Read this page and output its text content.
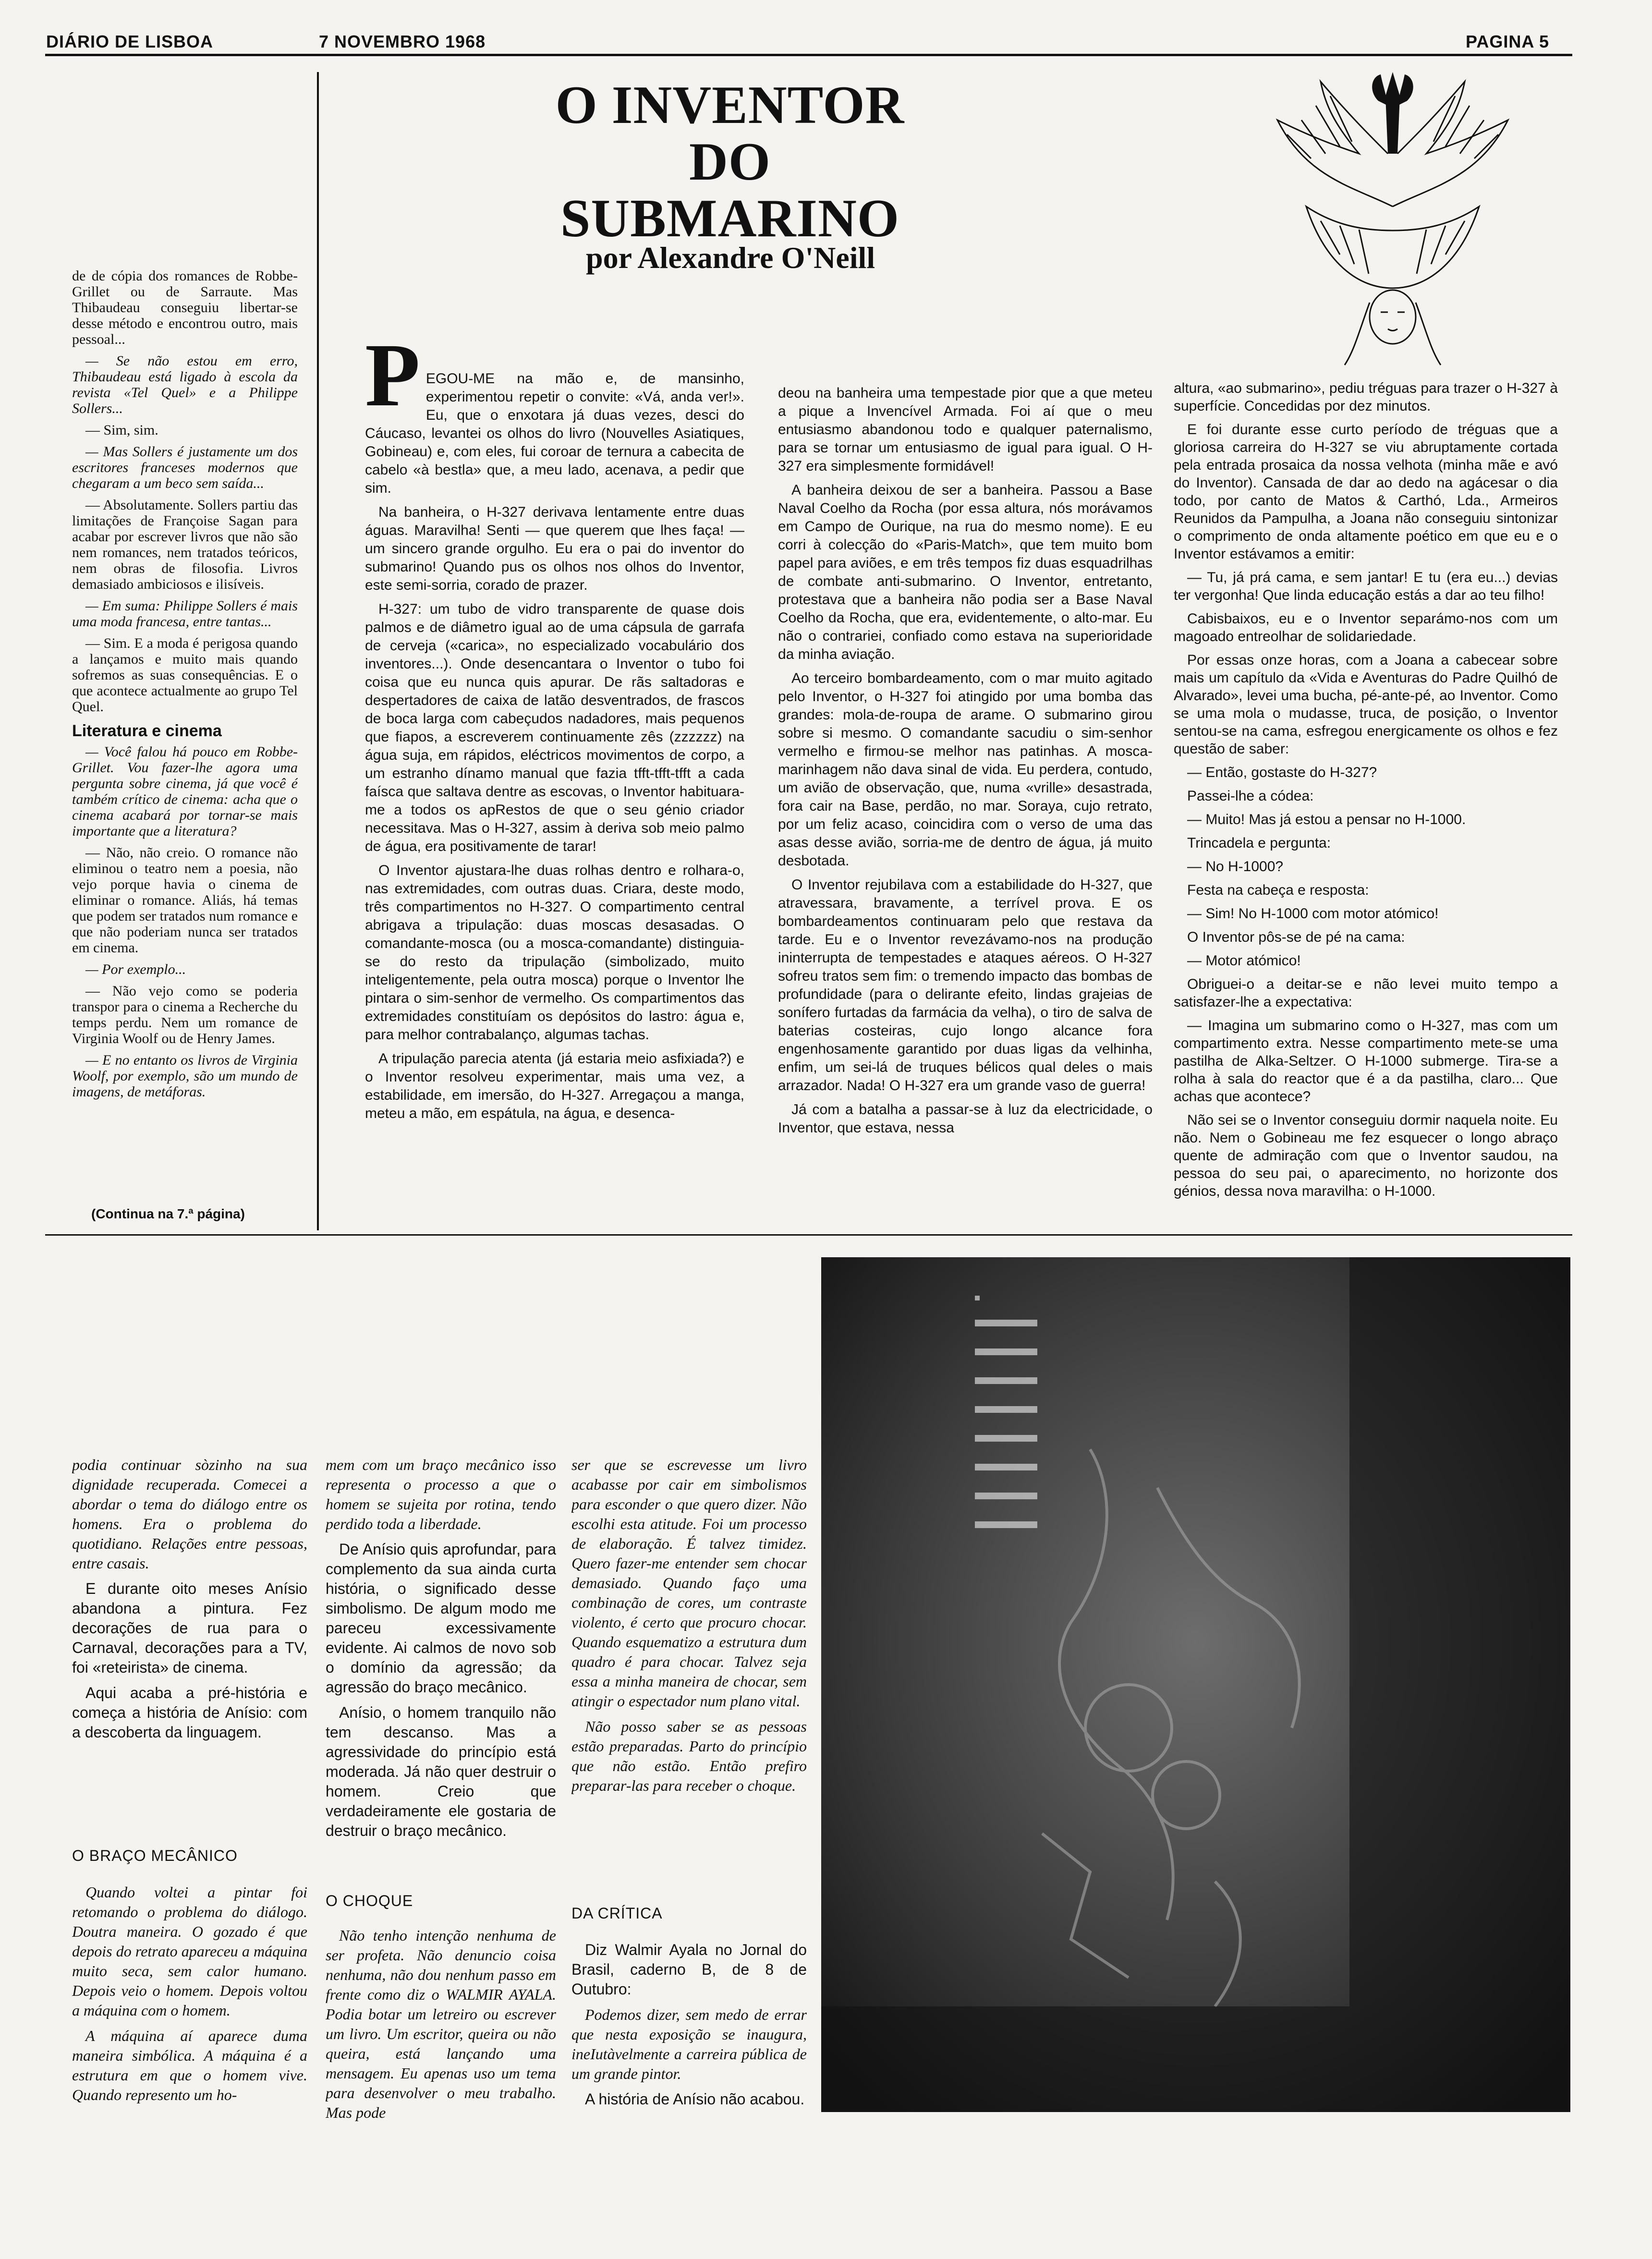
DIÁRIO DE LISBOA	7 NOVEMBRO 1968	PAGINA 5

de de cópia dos romances de Robbe-Grillet ou de Sarraute. Mas Thibaudeau conseguiu libertar-se desse método e encontrou outro, mais pessoal...

— Se não estou em erro, Thibaudeau está ligado à escola da revista «Tel Quel» e a Philippe Sollers...

— Sim, sim.

— Mas Sollers é justamente um dos escritores franceses modernos que chegaram a um beco sem saída...

— Absolutamente. Sollers partiu das limitações de Françoise Sagan para acabar por escrever livros que não são nem romances, nem tratados teóricos, nem obras de filosofia. Livros demasiado ambiciosos e ilisíveis.

— Em suma: Philippe Sollers é mais uma moda francesa, entre tantas...

— Sim. E a moda é perigosa quando a lançamos e muito mais quando sofremos as suas consequências. E o que acontece actualmente ao grupo Tel Quel.

Literatura e cinema

— Você falou há pouco em Robbe-Grillet. Vou fazer-lhe agora uma pergunta sobre cinema, já que você é também crítico de cinema: acha que o cinema acabará por tornar-se mais importante que a literatura?

— Não, não creio. O romance não eliminou o teatro nem a poesia, não vejo porque havia o cinema de eliminar o romance. Aliás, há temas que podem ser tratados num romance e que não poderiam nunca ser tratados em cinema.

— Por exemplo...

— Não vejo como se poderia transpor para o cinema a Recherche du temps perdu. Nem um romance de Virginia Woolf ou de Henry James.

— E no entanto os livros de Virginia Woolf, por exemplo, são um mundo de imagens, de metáforas.

(Continua na 7.ª página)
O INVENTOR
DO SUBMARINO
por Alexandre O'Neill
P EGOU-ME na mão e, de mansinho, experimentou repetir o convite: «Vá, anda ver!». Eu, que o enxotara já duas vezes, desci do Cáucaso, levantei os olhos do livro (Nouvelles Asiatiques, Gobineau) e, com eles, fui coroar de ternura a cabecita de cabelo «à bestla» que, a meu lado, acenava, a pedir que sim.

Na banheira, o H-327 derivava lentamente entre duas águas. Maravilha! Senti — que querem que lhes faça! — um sincero grande orgulho. Eu era o pai do inventor do submarino! Quando pus os olhos nos olhos do Inventor, este semi-sorria, corado de prazer.

H-327: um tubo de vidro transparente de quase dois palmos e de diâmetro igual ao de uma cápsula de garrafa de cerveja («carica», no especializado vocabulário dos inventores...). Onde desencantara o Inventor o tubo foi coisa que eu nunca quis apurar. De rãs saltadoras e despertadores de caixa de latão desventrados, de frascos de boca larga com cabeçudos nadadores, mais pequenos que fiapos, a escreverem continuamente zês (zzzzzz) na água suja, em rápidos, eléctricos movimentos de corpo, a um estranho dínamo manual que fazia tfft-tfft-tfft a cada faísca que saltava dentre as escovas, o Inventor habituara-me a todos os apRestos de que o seu génio criador necessitava. Mas o H-327, assim à deriva sob meio palmo de água, era positivamente de tarar!

O Inventor ajustara-lhe duas rolhas dentro e rolhara-o, nas extremidades, com outras duas. Criara, deste modo, três compartimentos no H-327. O compartimento central abrigava a tripulação: duas moscas desasadas. O comandante-mosca (ou a mosca-comandante) distinguia-se do resto da tripulação (simbolizado, muito inteligentemente, pela outra mosca) porque o Inventor lhe pintara o sim-senhor de vermelho. Os compartimentos das extremidades constituíam os depósitos do lastro: água e, para melhor contrabalanço, algumas tachas.

A tripulação parecia atenta (já estaria meio asfixiada?) e o Inventor resolveu experimentar, mais uma vez, a estabilidade, em imersão, do H-327. Arregaçou a manga, meteu a mão, em espátula, na água, e desenca-

deou na banheira uma tempestade pior que a que meteu a pique a Invencível Armada. Foi aí que o meu entusiasmo abandonou todo e qualquer paternalismo, para se tornar um entusiasmo de igual para igual. O H-327 era simplesmente formidável!

A banheira deixou de ser a banheira. Passou a Base Naval Coelho da Rocha (por essa altura, nós morávamos em Campo de Ourique, na rua do mesmo nome). E eu corri à colecção do «Paris-Match», que tem muito bom papel para aviões, e em três tempos fiz duas esquadrilhas de combate anti-submarino. O Inventor, entretanto, protestava que a banheira não podia ser a Base Naval Coelho da Rocha, que era, evidentemente, o alto-mar. Eu não o contrariei, confiado como estava na superioridade da minha aviação.

Ao terceiro bombardeamento, com o mar muito agitado pelo Inventor, o H-327 foi atingido por uma bomba das grandes: mola-de-roupa de arame. O submarino girou sobre si mesmo. O comandante sacudiu o sim-senhor vermelho e firmou-se melhor nas patinhas. A mosca-marinhagem não dava sinal de vida. Eu perdera, contudo, um avião de observação, que, numa «vrille» desastrada, fora cair na Base, perdão, no mar. Soraya, cujo retrato, por um feliz acaso, coincidira com o verso de uma das asas desse avião, sorria-me de dentro de água, já muito desbotada.

O Inventor rejubilava com a estabilidade do H-327, que atravessara, bravamente, a terrível prova. E os bombardeamentos continuaram pelo que restava da tarde. Eu e o Inventor revezávamo-nos na produção ininterrupta de tempestades e ataques aéreos. O H-327 sofreu tratos sem fim: o tremendo impacto das bombas de profundidade (para o delirante efeito, lindas grajeias de sonífero furtadas da farmácia da velha), o tiro de salva de baterias costeiras, cujo longo alcance fora engenhosamente garantido por duas ligas da velhinha, enfim, um sei-lá de truques bélicos qual deles o mais arrazador. Nada! O H-327 era um grande vaso de guerra!

Já com a batalha a passar-se à luz da electricidade, o Inventor, que estava, nessa

altura, «ao submarino», pediu tréguas para trazer o H-327 à superfície. Concedidas por dez minutos.

E foi durante esse curto período de tréguas que a gloriosa carreira do H-327 se viu abruptamente cortada pela entrada prosaica da nossa velhota (minha mãe e avó do Inventor). Cansada de dar ao dedo na agácesar o dia todo, por canto de Matos & Carthó, Lda., Armeiros Reunidos da Pampulha, a Joana não conseguiu sintonizar o comprimento de onda altamente poético em que eu e o Inventor estávamos a emitir:

— Tu, já prá cama, e sem jantar! E tu (era eu...) devias ter vergonha! Que linda educação estás a dar ao teu filho!

Cabisbaixos, eu e o Inventor separámo-nos com um magoado entreolhar de solidariedade.

Por essas onze horas, com a Joana a cabecear sobre mais um capítulo da «Vida e Aventuras do Padre Quilhó de Alvarado», levei uma bucha, pé-ante-pé, ao Inventor. Como se uma mola o mudasse, truca, de posição, o Inventor sentou-se na cama, esfregou energicamente os olhos e fez questão de saber:

— Então, gostaste do H-327?

Passei-lhe a códea:

— Muito! Mas já estou a pensar no H-1000.

Trincadela e pergunta:

— No H-1000?

Festa na cabeça e resposta:

— Sim! No H-1000 com motor atómico!

O Inventor pôs-se de pé na cama:

— Motor atómico!

Obriguei-o a deitar-se e não levei muito tempo a satisfazer-lhe a expectativa:

— Imagina um submarino como o H-327, mas com um compartimento extra. Nesse compartimento mete-se uma pastilha de Alka-Seltzer. O H-1000 submerge. Tira-se a rolha à sala do reactor que é a da pastilha, claro... Que achas que acontece?

Não sei se o Inventor conseguiu dormir naquela noite. Eu não. Nem o Gobineau me fez esquecer o longo abraço quente de admiração com que o Inventor saudou, na pessoa do seu pai, o aparecimento, no horizonte dos génios, dessa nova maravilha: o H-1000.

podia continuar sòzinho na sua dignidade recuperada. Comecei a abordar o tema do diálogo entre os homens. Era o problema do quotidiano. Relações entre pessoas, entre casais.

E durante oito meses Anísio abandona a pintura. Fez decorações de rua para o Carnaval, decorações para a TV, foi «reteirista» de cinema.

Aqui acaba a pré-história e começa a história de Anísio: com a descoberta da linguagem.

O BRAÇO MECÂNICO

Quando voltei a pintar foi retomando o problema do diálogo. Doutra maneira. O gozado é que depois do retrato apareceu a máquina muito seca, sem calor humano. Depois veio o homem. Depois voltou a máquina com o homem.

A máquina aí aparece duma maneira simbólica. A máquina é a estrutura em que o homem vive. Quando represento um ho-

mem com um braço mecânico isso representa o processo a que o homem se sujeita por rotina, tendo perdido toda a liberdade.

De Anísio quis aprofundar, para complemento da sua ainda curta história, o significado desse simbolismo. De algum modo me pareceu excessivamente evidente. Ai calmos de novo sob o domínio da agressão; da agressão do braço mecânico.

Anísio, o homem tranquilo não tem descanso. Mas a agressividade do princípio está moderada. Já não quer destruir o homem. Creio que verdadeiramente ele gostaria de destruir o braço mecânico.

O CHOQUE

Não tenho intenção nenhuma de ser profeta. Não denuncio coisa nenhuma, não dou nenhum passo em frente como diz o WALMIR AYALA. Podia botar um letreiro ou escrever um livro. Um escritor, queira ou não queira, está lançando uma mensagem. Eu apenas uso um tema para desenvolver o meu trabalho. Mas pode

ser que se escrevesse um livro acabasse por cair em simbolismos para esconder o que quero dizer. Não escolhi esta atitude. Foi um processo de elaboração. É talvez timidez. Quero fazer-me entender sem chocar demasiado. Quando faço uma combinação de cores, um contraste violento, é certo que procuro chocar. Quando esquematizo a estrutura dum quadro é para chocar. Talvez seja essa a minha maneira de chocar, sem atingir o espectador num plano vital.

Não posso saber se as pessoas estão preparadas. Parto do princípio que não estão. Então prefiro preparar-las para receber o choque.

DA CRÍTICA

Diz Walmir Ayala no Jornal do Brasil, caderno B, de 8 de Outubro:

Podemos dizer, sem medo de errar que nesta exposição se inaugura, ineIutàvelmente a carreira pública de um grande pintor.

A história de Anísio não acabou.
